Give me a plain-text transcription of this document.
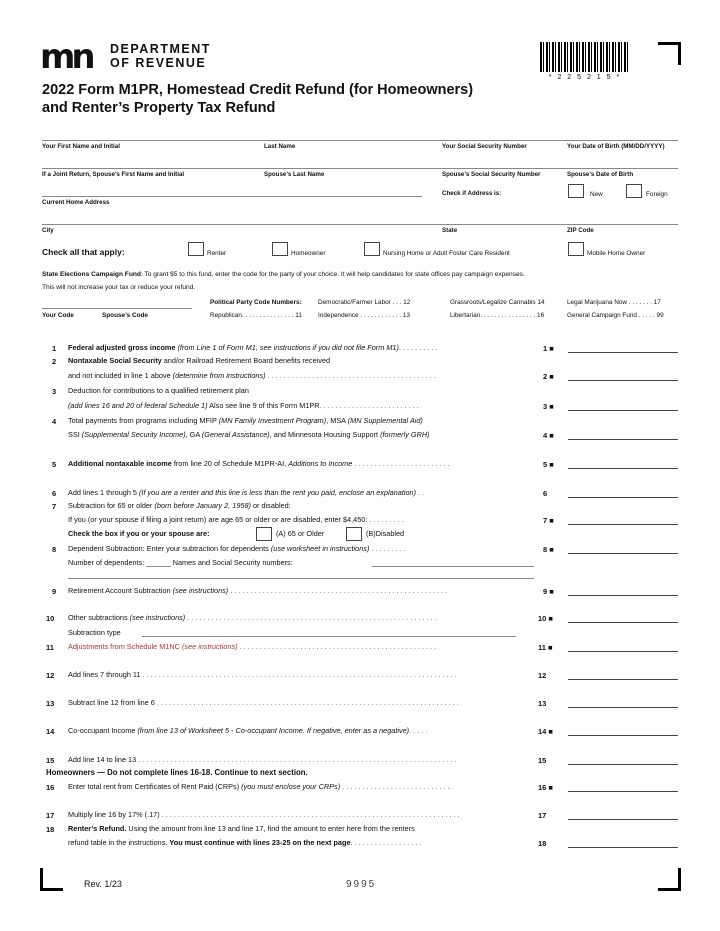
mn DEPARTMENT
OF REVENUE
* 2 2 5 2 1 5 *
2022 Form M1PR, Homestead Credit Refund (for Homeowners)
and Renter’s Property Tax Refund
Your First Name and Initial	Last Name	Your Social Security Number	Your Date of Birth (MM/DD/YYYY)
If a Joint Return, Spouse’s First Name and Initial	Spouse’s Last Name	Spouse’s Social Security Number	Spouse’s Date of Birth
Check if Address is:	New	Foreign
Current Home Address
City	State	ZIP Code
Check all that apply:	Renter	Homeowner	Nursing Home or Adult Foster Care Resident	Mobile Home Owner
State Elections Campaign Fund: To grant $5 to this fund, enter the code for the party of your choice. It will help candidates for state offices pay campaign expenses.
This will not increase your tax or reduce your refund.
Political Party Code Numbers:	Democratic/Farmer Labor . . . 12	Grassroots/Legalize Cannabis 14	Legal Marijuana Now . . . . . . . 17
Republican. . . . . . . . . . . . . . . 11	Independence . . . . . . . . . . . . 13	Libertarian. . . . . . . . . . . . . . . . 16	General Campaign Fund . . . . . 99
Your Code	Spouse’s Code
1 Federal adjusted gross income (from Line 1 of Form M1, see instructions if you did not file Form M1). . . . . . . . . .	1 ■
2 Nontaxable Social Security and/or Railroad Retirement Board benefits received
and not included in line 1 above (determine from instructions) . . . . . . . . . . . . . . . . . . . . . . . . . . . . . . . . . . . . . . . . . .	2 ■
3 Deduction for contributions to a qualified retirement plan
(add lines 16 and 20 of federal Schedule 1) Also see line 9 of this Form M1PR. . . . . . . . . . . . . . . . . . . . . . . . .	3 ■
4 Total payments from programs including MFIP (MN Family Investment Program), MSA (MN Supplemental Aid)
SSI (Supplemental Security Income), GA (General Assistance), and Minnesota Housing Support (formerly GRH)	4 ■
5 Additional nontaxable income from line 20 of Schedule M1PR-AI, Additions to Income . . . . . . . . . . . . . . . . . . . . . . . .	5 ■
6 Add lines 1 through 5 (If you are a renter and this line is less than the rent you paid, enclose an explanation) . .	6
7 Subtraction for 65 or older (born before January 2, 1958) or disabled:
If you (or your spouse if filing a joint return) are age 65 or older or are disabled, enter $4,450: . . . . . . . . .	7 ■
Check the box if you or your spouse are:	(A) 65 or Older	(B)Disabled
8 Dependent Subtraction: Enter your subtraction for dependents (use worksheet in instructions) . . . . . . . . .	8 ■
Number of dependents: ______ Names and Social Security numbers:
9 Retirement Account Subtraction (see instructions) . . . . . . . . . . . . . . . . . . . . . . . . . . . . . . . . . . . . . . . . . . . . . . . . . . . . . .	9 ■
10 Other subtractions (see instructions) . . . . . . . . . . . . . . . . . . . . . . . . . . . . . . . . . . . . . . . . . . . . . . . . . . . . . . . . . . . . . .	10 ■
Subtraction type
11 Adjustments from Schedule M1NC (see instructions) . . . . . . . . . . . . . . . . . . . . . . . . . . . . . . . . . . . . . . . . . . . . . . . . .	11 ■
12 Add lines 7 through 11 . . . . . . . . . . . . . . . . . . . . . . . . . . . . . . . . . . . . . . . . . . . . . . . . . . . . . . . . . . . . . . . . . . . . . . . . . . . . . .	12
13 Subtract line 12 from line 6 . . . . . . . . . . . . . . . . . . . . . . . . . . . . . . . . . . . . . . . . . . . . . . . . . . . . . . . . . . . . . . . . . . . . . . . . . . .	13
14 Co-occupant Income (from line 13 of Worksheet 5 - Co-occupant Income. If negative, enter as a negative). . . . .	14 ■
15 Add line 14 to line 13 . . . . . . . . . . . . . . . . . . . . . . . . . . . . . . . . . . . . . . . . . . . . . . . . . . . . . . . . . . . . . . . . . . . . . . . . . . . . . . .	15
Homeowners — Do not complete lines 16-18. Continue to next section.
16 Enter total rent from Certificates of Rent Paid (CRPs) (you must enclose your CRPs) . . . . . . . . . . . . . . . . . . . . . . . . . . .	16 ■
17 Multiply line 16 by 17% (.17) . . . . . . . . . . . . . . . . . . . . . . . . . . . . . . . . . . . . . . . . . . . . . . . . . . . . . . . . . . . . . . . . . . . . . . . . . .	17
18 Renter’s Refund. Using the amount from line 13 and line 17, find the amount to enter here from the renters
refund table in the instructions. You must continue with lines 23-25 on the next page. . . . . . . . . . . . . . . . . .	18
Rev. 1/23	9995
